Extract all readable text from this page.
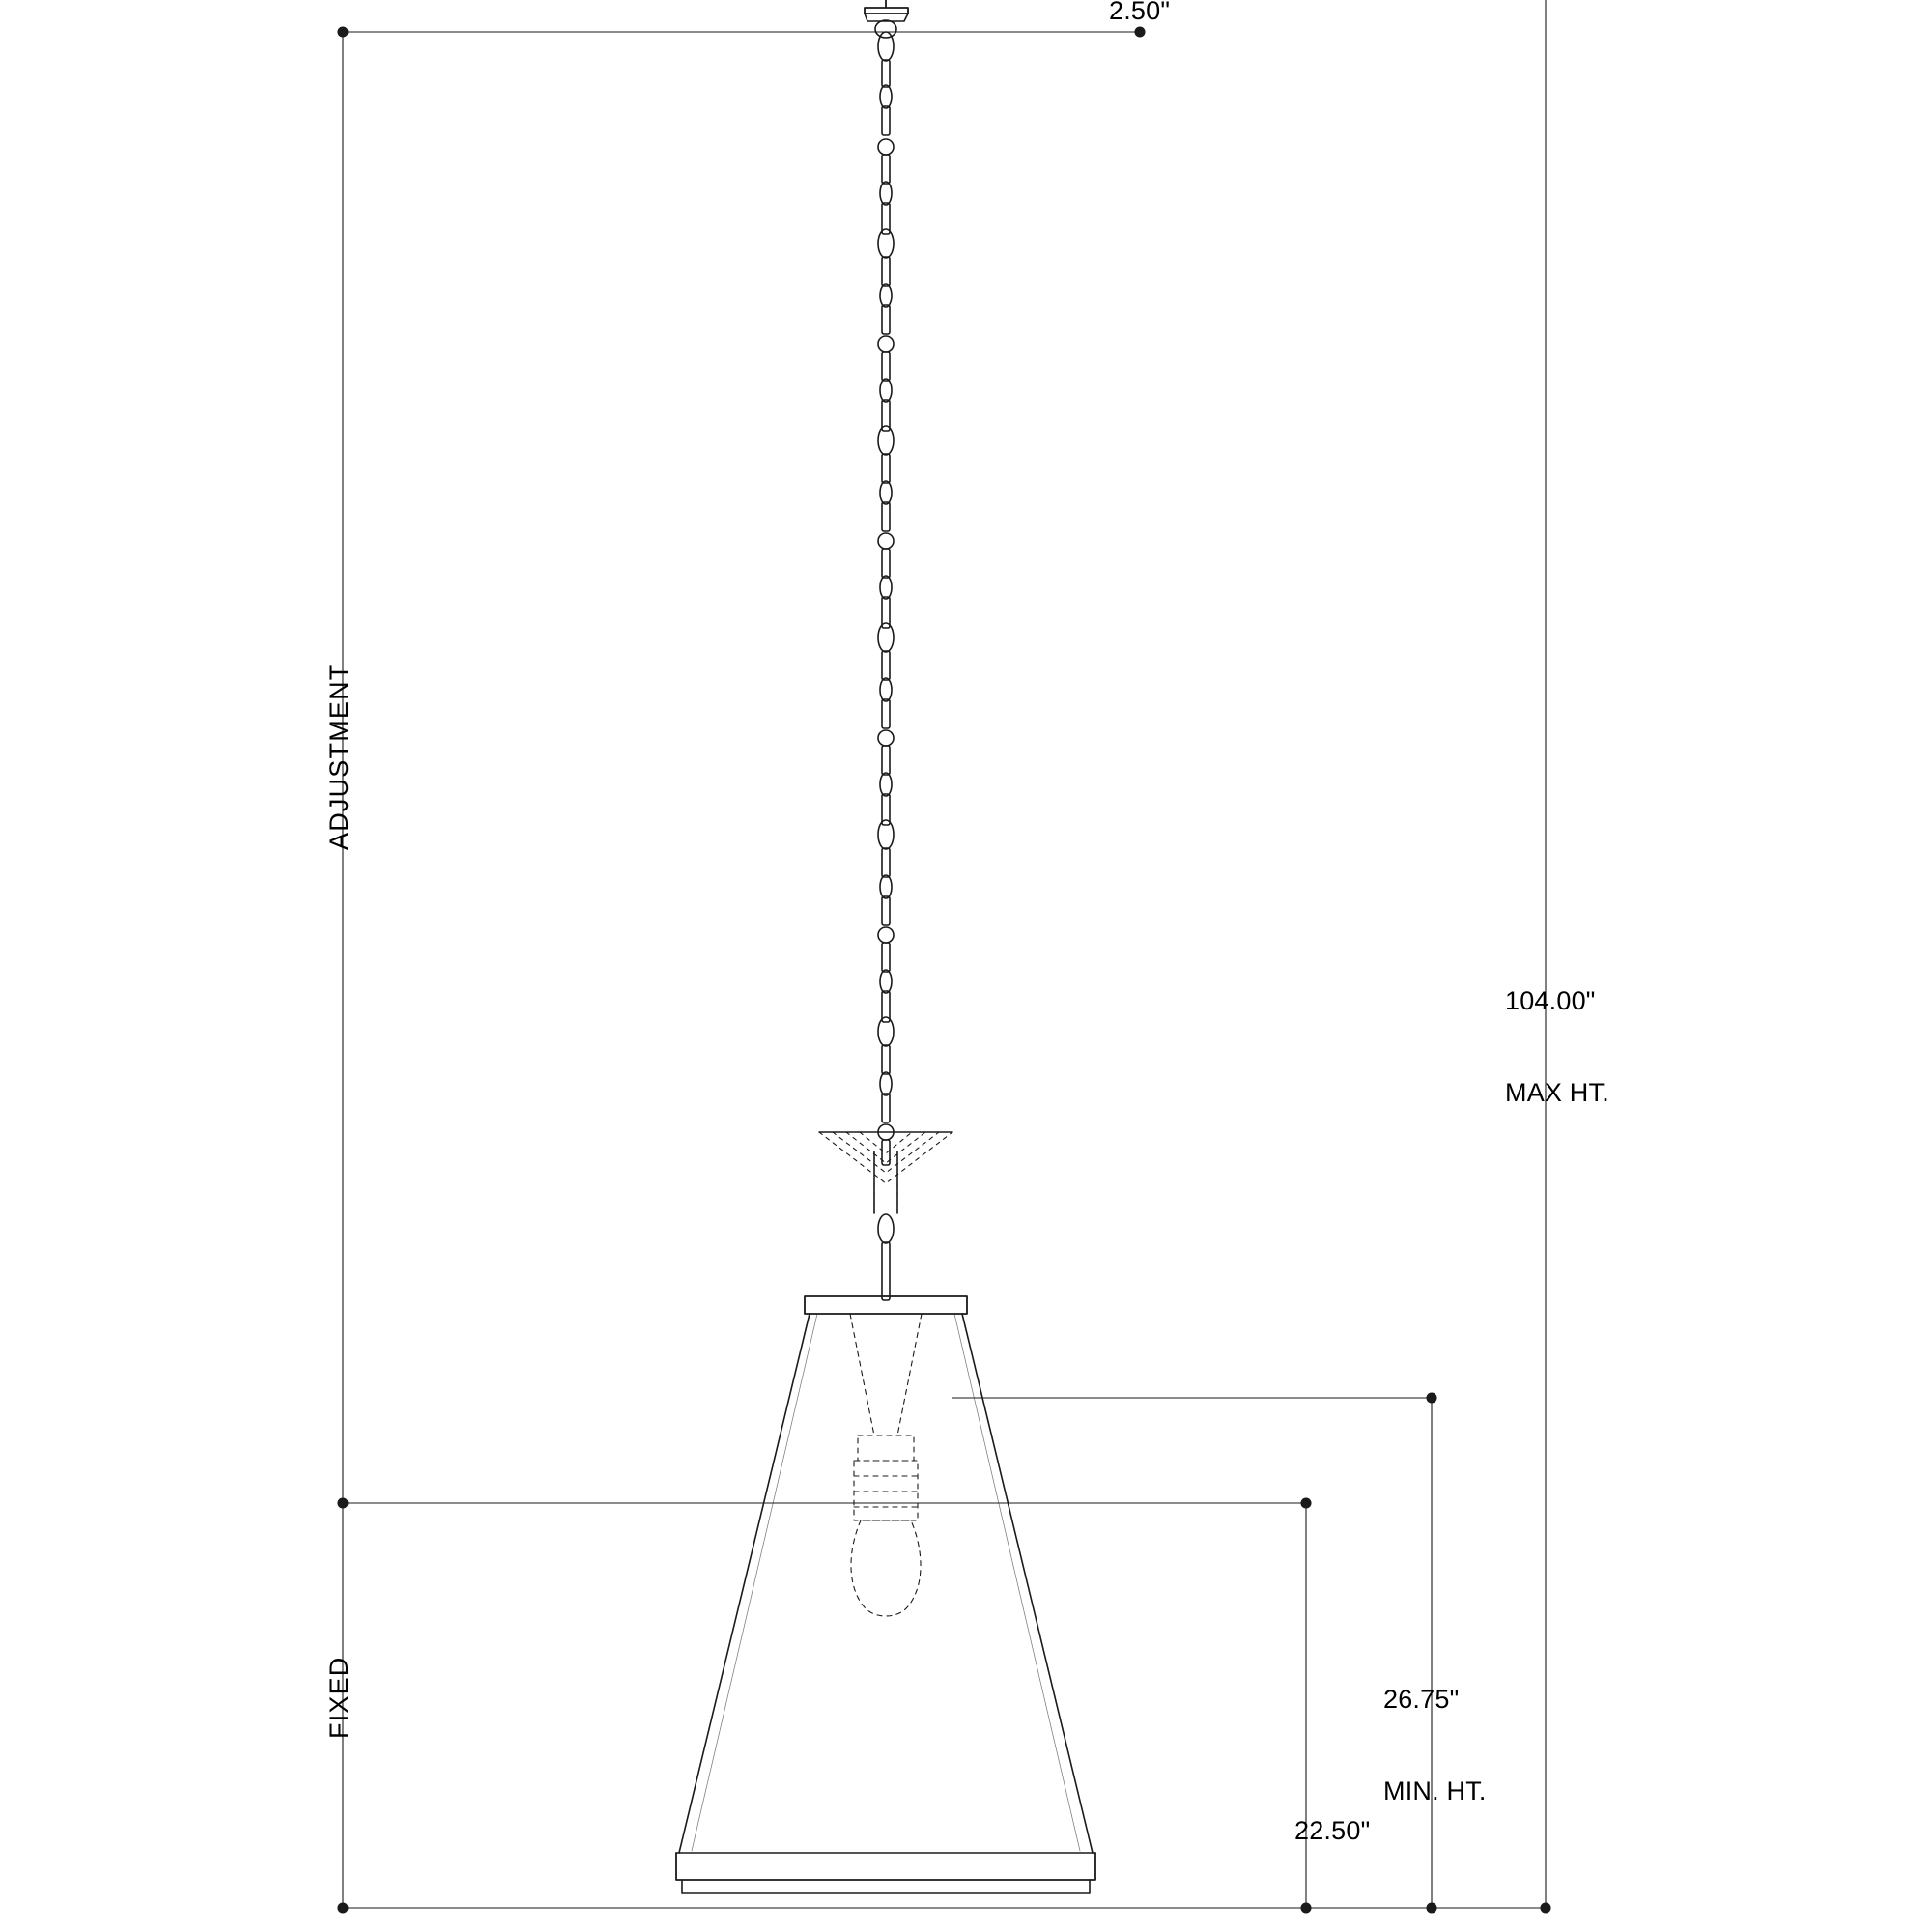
2.50"

104.00"

MAX HT.

26.75"

MIN. HT.

22.50"
ADJUSTMENT
FIXED
